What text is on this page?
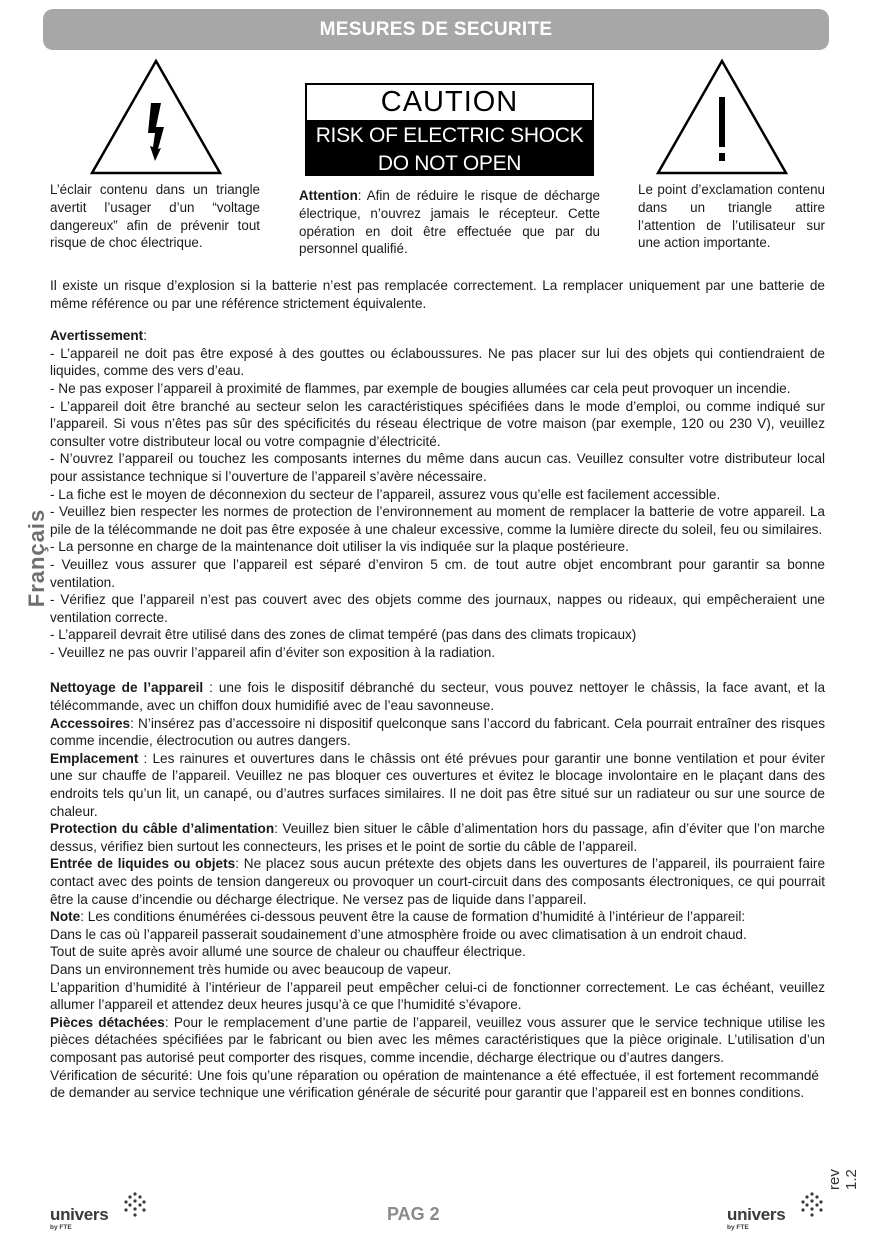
MESURES DE SECURITE
CAUTION
RISK OF ELECTRIC SHOCK
DO NOT OPEN
L’éclair contenu dans un triangle avertit l’usager d’un “voltage dangereux” afin de prévenir tout risque de choc électrique.
Attention: Afin de réduire le risque de décharge électrique, n’ouvrez jamais le récepteur. Cette opération en doit être effectuée que par du personnel qualifié.
Le point d’exclamation contenu dans un triangle attire l’attention de l’utilisateur sur une action importante.

Il existe un risque d’explosion si la batterie n’est pas remplacée correctement. La remplacer uniquement par une batterie de même référence ou par une référence strictement équivalente.

Avertissement:

- L’appareil ne doit pas être exposé à des gouttes ou éclaboussures. Ne pas placer sur lui des objets qui contiendraient de liquides, comme des vers d’eau.

- Ne pas exposer l’appareil à proximité de flammes, par exemple de bougies allumées car cela peut provoquer un incendie.

- L’appareil doit être branché au secteur selon les caractéristiques spécifiées dans le mode d’emploi, ou comme indiqué sur l’appareil. Si vous n’êtes pas sûr des spécificités du réseau électrique de votre maison (par exemple, 120 ou 230 V), veuillez consulter votre distributeur local ou votre compagnie d’électricité.

- N’ouvrez l’appareil ou touchez les composants internes du même dans aucun cas. Veuillez consulter votre distributeur local pour assistance technique si l’ouverture de l’appareil s’avère nécessaire.

- La fiche est le moyen de déconnexion du secteur de l’appareil, assurez vous qu’elle est facilement accessible.

- Veuillez bien respecter les normes de protection de l’environnement au moment de remplacer la batterie de votre appareil. La pile de la télécommande ne doit pas être exposée à une chaleur excessive, comme la lumière directe du soleil, feu ou similaires.

- La personne en charge de la maintenance doit utiliser la vis indiquée sur la plaque postérieure.

- Veuillez vous assurer que l’appareil est séparé d’environ 5 cm. de tout autre objet encombrant pour garantir sa bonne ventilation.

- Vérifiez que l’appareil n’est pas couvert avec des objets comme des journaux, nappes ou rideaux, qui empêcheraient une ventilation correcte.

- L’appareil devrait être utilisé dans des zones de climat tempéré (pas dans des climats tropicaux)

- Veuillez ne pas ouvrir l’appareil afin d’éviter son exposition à la radiation.

Nettoyage de l’appareil : une fois le dispositif débranché du secteur, vous pouvez nettoyer le châssis, la face avant, et la télécommande, avec un chiffon doux humidifié avec de l’eau savonneuse.

Accessoires: N’insérez pas d’accessoire ni dispositif quelconque sans l’accord du fabricant. Cela pourrait entraîner des risques comme incendie, électrocution ou autres dangers.

Emplacement : Les rainures et ouvertures dans le châssis ont été prévues pour garantir une bonne ventilation et pour éviter une sur chauffe de l’appareil. Veuillez ne pas bloquer ces ouvertures et évitez le blocage involontaire en le plaçant dans des endroits tels qu’un lit, un canapé, ou d’autres surfaces similaires. Il ne doit pas être situé sur un radiateur ou sur une source de chaleur.

Protection du câble d’alimentation: Veuillez bien situer le câble d’alimentation hors du passage, afin d’éviter que l’on marche dessus, vérifiez bien surtout les connecteurs, les prises et le point de sortie du câble de l’appareil.

Entrée de liquides ou objets: Ne placez sous aucun prétexte des objets dans les ouvertures de l’appareil, ils pourraient faire contact avec des points de tension dangereux ou provoquer un court-circuit dans des composants électroniques, ce qui pourrait être la cause d’incendie ou décharge électrique. Ne versez pas de liquide dans l’appareil.

Note: Les conditions énumérées ci-dessous peuvent être la cause de formation d’humidité à l’intérieur de l’appareil:

Dans le cas où l’appareil passerait soudainement d’une atmosphère froide ou avec climatisation à un endroit chaud.

Tout de suite après avoir allumé une source de chaleur ou chauffeur électrique.

Dans un environnement très humide ou avec beaucoup de vapeur.

L’apparition d’humidité à l’intérieur de l’appareil peut empêcher celui-ci de fonctionner correctement. Le cas échéant, veuillez allumer l’appareil et attendez deux heures jusqu’à ce que l’humidité s’évapore.

Pièces détachées: Pour le remplacement d’une partie de l’appareil, veuillez vous assurer que le service technique utilise les pièces détachées spécifiées par le fabricant ou bien avec les mêmes caractéristiques que la pièce originale. L’utilisation d’un composant pas autorisé peut comporter des risques, comme incendie, décharge électrique ou d’autres dangers.

Vérification de sécurité: Une fois qu’une réparation ou opération de maintenance a été effectuée, il est fortement recommandé de demander au service technique une vérification générale de sécurité pour garantir que l’appareil est en bonnes conditions.

Français
rev 1.2
univers
by FTE
PAG 2	univers
by FTE
